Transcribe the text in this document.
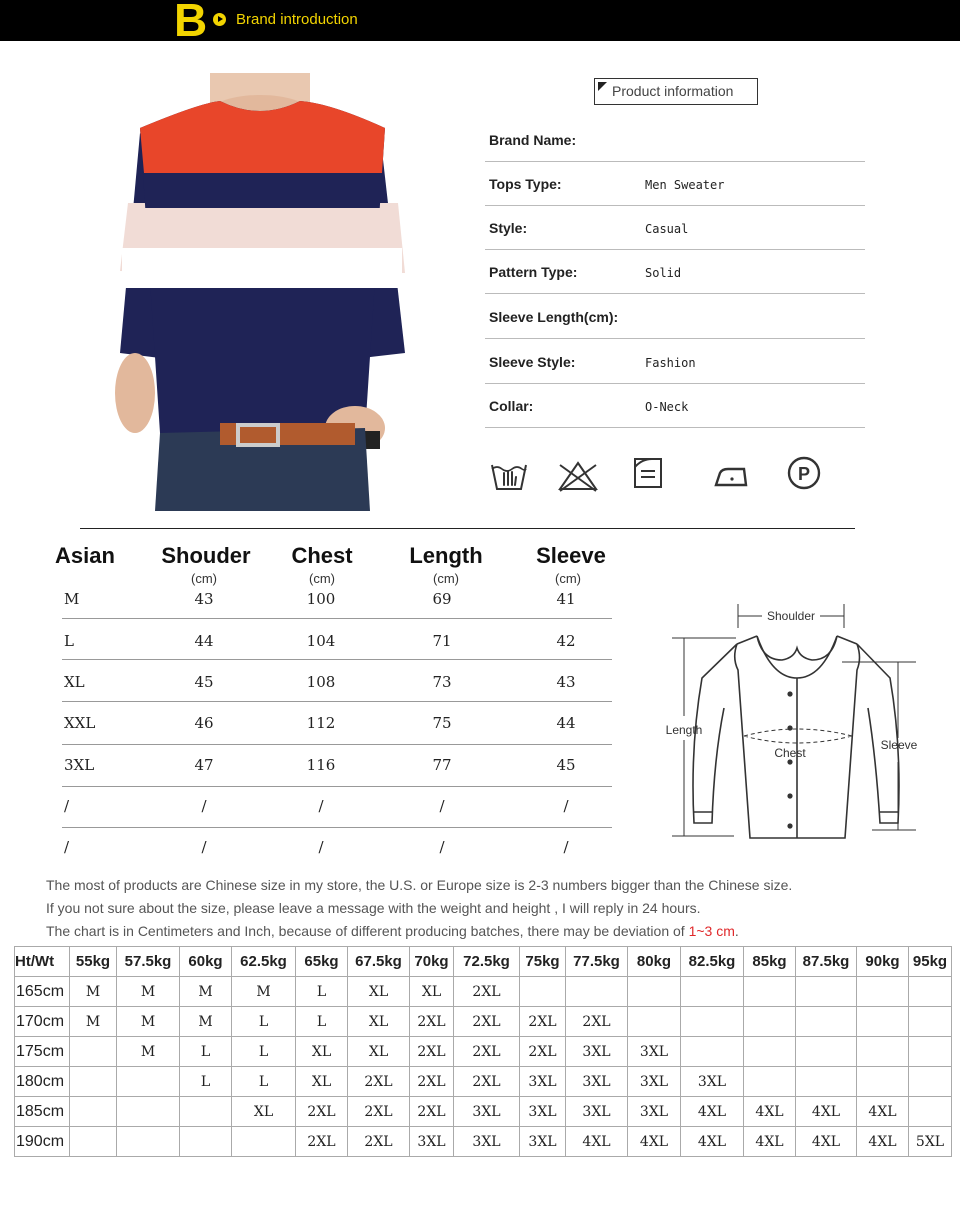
B Brand introduction
Product information
Brand Name:
Tops Type:	Men Sweater
Style:	Casual
Pattern Type:	Solid
Sleeve Length(cm):
Sleeve Style:	Fashion
Collar:	O-Neck
P
Asian	Shouder	Chest	Length	Sleeve
(cm)	(cm)	(cm)	(cm)
M	43	100	69	41
L	44	104	71	42
XL	45	108	73	43
XXL	46	112	75	44
3XL	47	116	77	45
/	/	/	/	/
/	/	/	/	/
Shoulder
Length
Chest
Sleeve
The most of products are Chinese size in my store, the U.S. or Europe size is 2-3 numbers bigger than the Chinese size.
If you not sure about the size, please leave a message with the weight and height , I will reply in 24 hours.
The chart is in Centimeters and Inch, because of different producing batches, there may be deviation of 1~3 cm.
Ht/Wt	55kg	57.5kg	60kg	62.5kg	65kg	67.5kg	70kg	72.5kg	75kg	77.5kg	80kg	82.5kg	85kg	87.5kg	90kg	95kg
165cm	M	M	M	M	L	XL	XL	2XL								
170cm	M	M	M	L	L	XL	2XL	2XL	2XL	2XL						
175cm		M	L	L	XL	XL	2XL	2XL	2XL	3XL	3XL					
180cm			L	L	XL	2XL	2XL	2XL	3XL	3XL	3XL	3XL				
185cm				XL	2XL	2XL	2XL	3XL	3XL	3XL	3XL	4XL	4XL	4XL	4XL	
190cm					2XL	2XL	3XL	3XL	3XL	4XL	4XL	4XL	4XL	4XL	4XL	5XL
